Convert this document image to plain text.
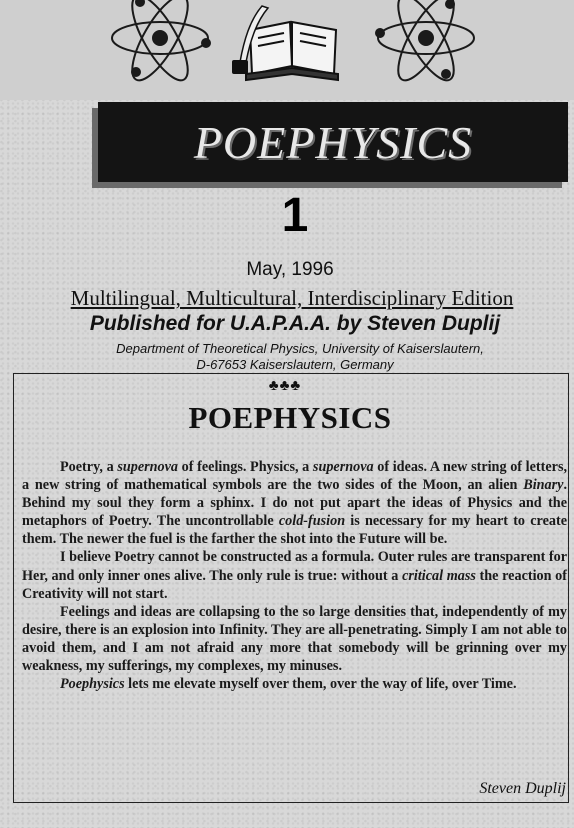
POEPHYSICS
1
May, 1996
Multilingual, Multicultural, Interdisciplinary Edition
Published for U.A.P.A.A. by Steven Duplij
Department of Theoretical Physics, University of Kaiserslautern,
D-67653 Kaiserslautern, Germany
♣♣♣
POEPHYSICS

Poetry, a supernova of feelings. Physics, a supernova of ideas. A new string of letters, a new string of mathematical symbols are the two sides of the Moon, an alien Binary. Behind my soul they form a sphinx. I do not put apart the ideas of Physics and the metaphors of Poetry. The uncontrollable cold-fusion is necessary for my heart to create them. The newer the fuel is the farther the shot into the Future will be.

I believe Poetry cannot be constructed as a formula. Outer rules are transparent for Her, and only inner ones alive. The only rule is true: without a critical mass the reaction of Creativity will not start.

Feelings and ideas are collapsing to the so large densities that, independently of my desire, there is an explosion into Infinity. They are all-penetrating. Simply I am not able to avoid them, and I am not afraid any more that somebody will be grinning over my weakness, my sufferings, my complexes, my minuses.

Poephysics lets me elevate myself over them, over the way of life, over Time.

Steven Duplij
